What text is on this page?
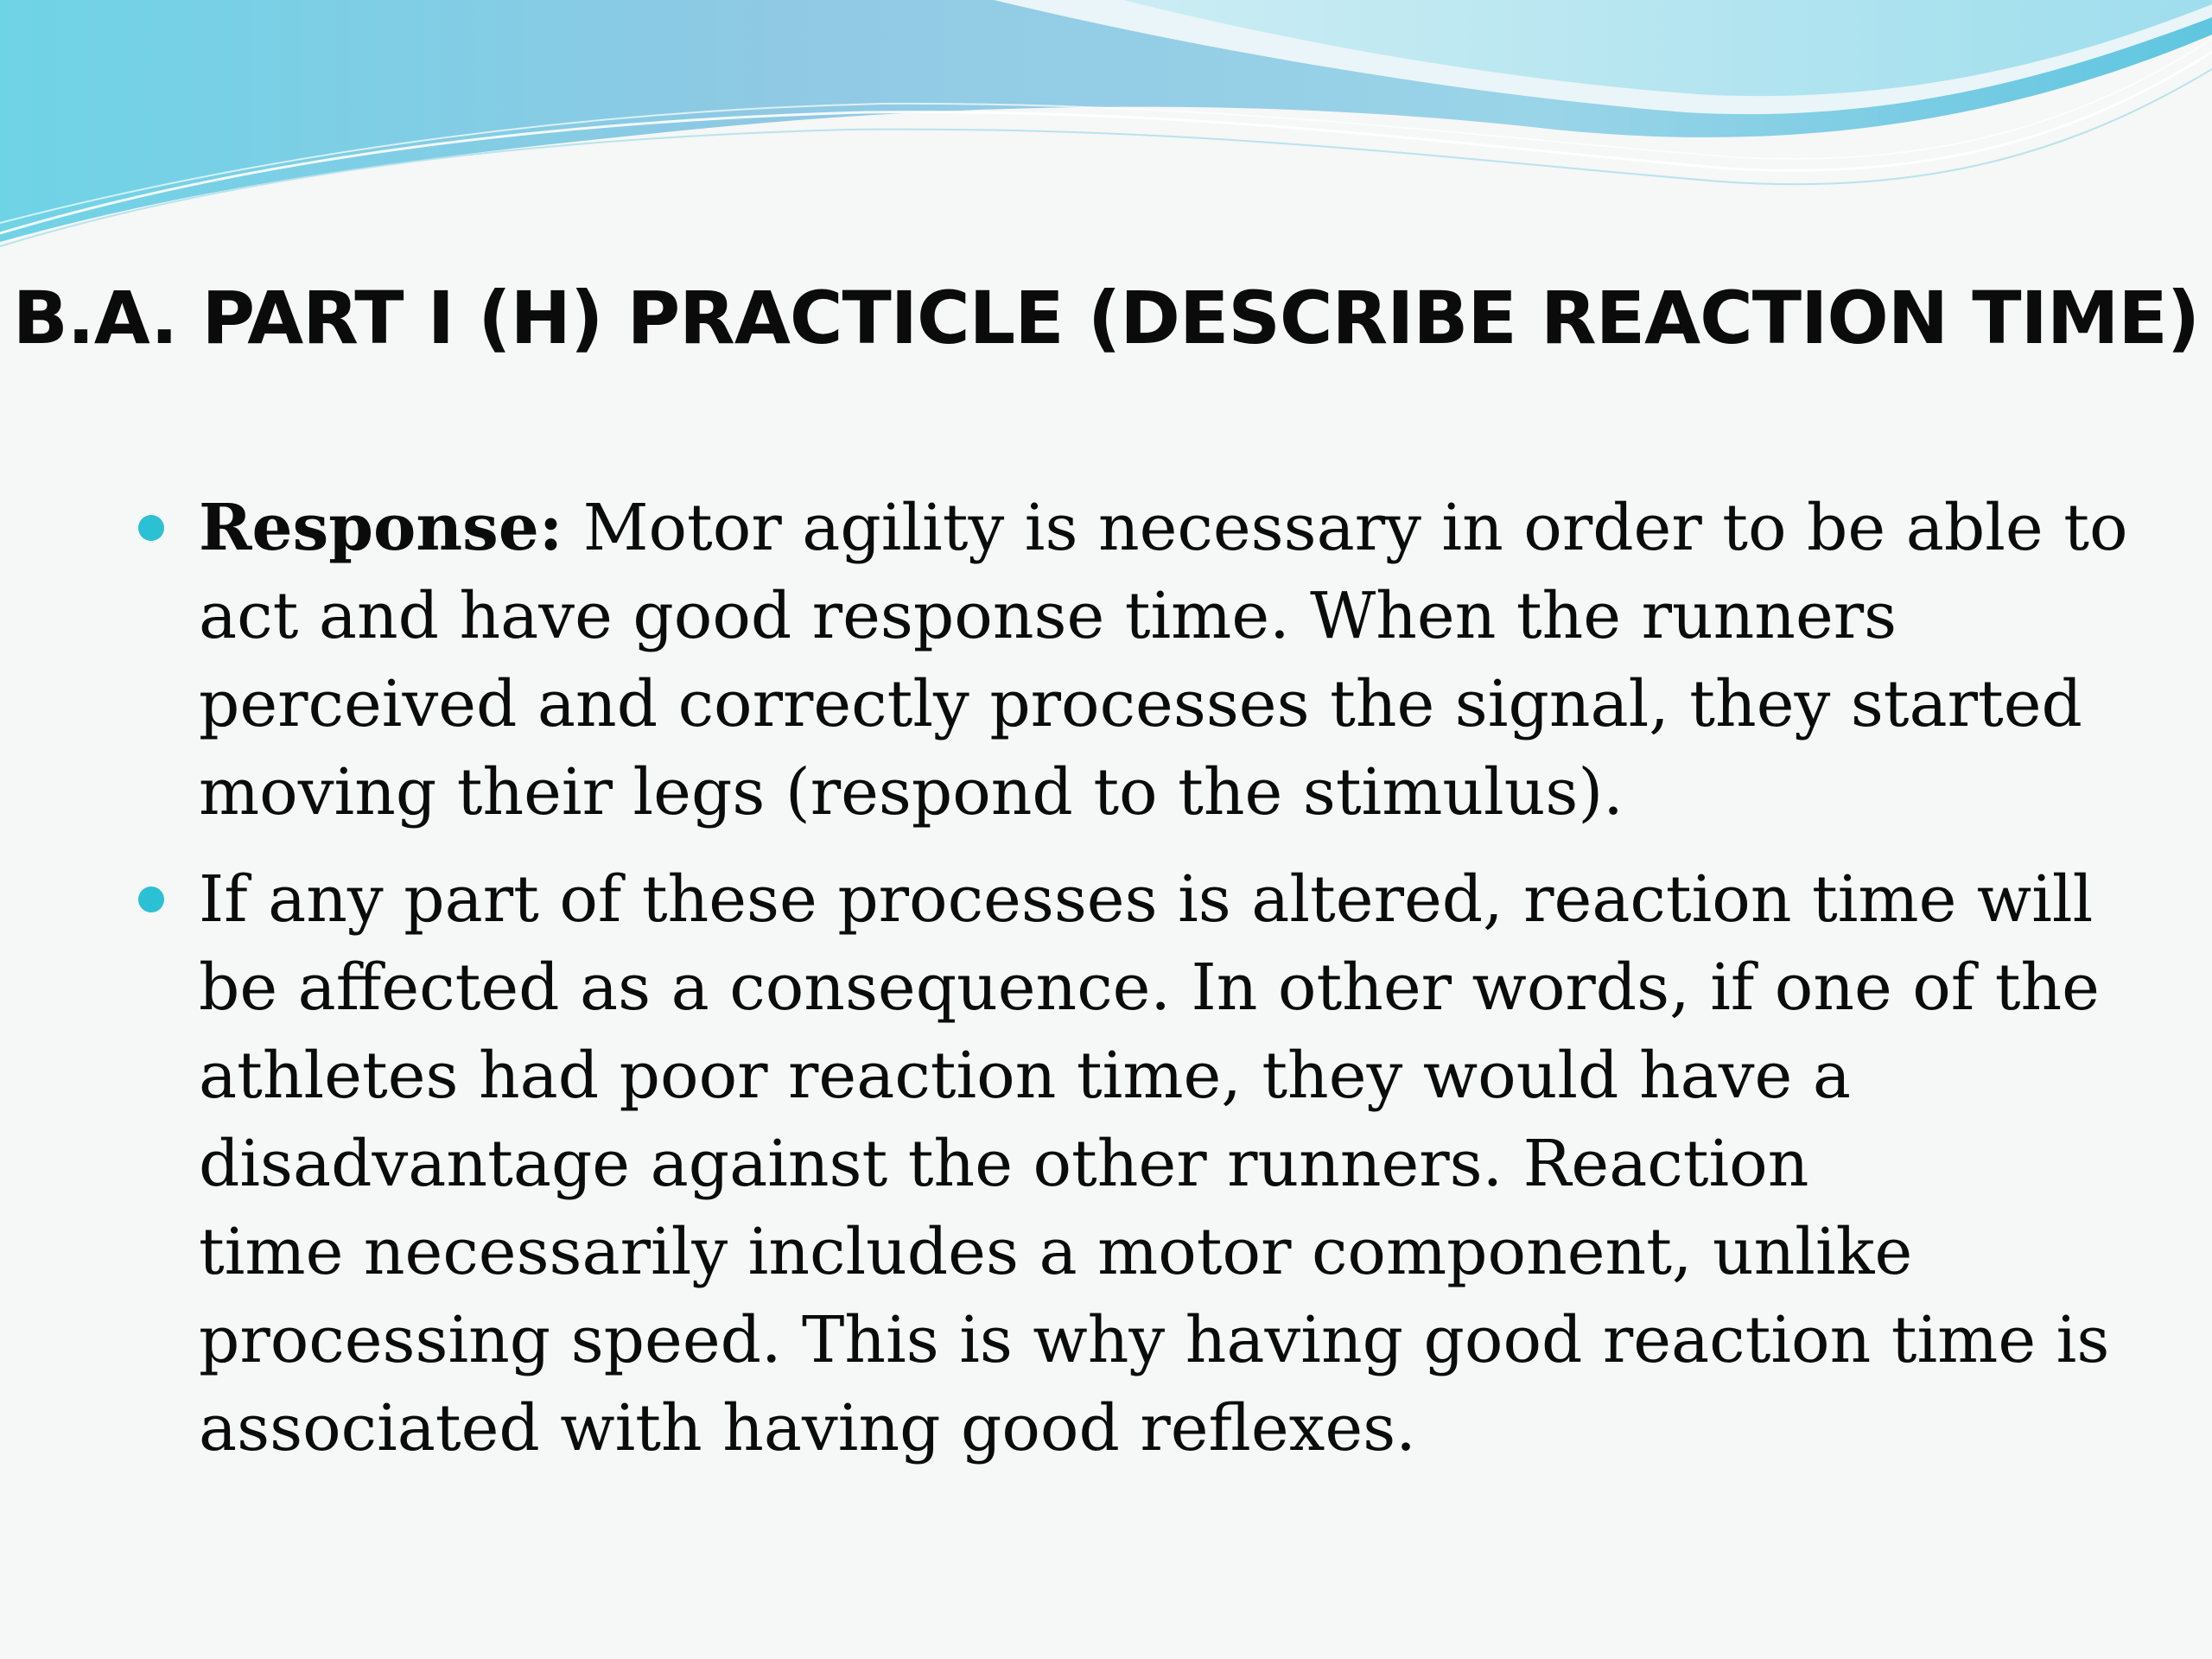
B.A. PART I (H) PRACTICLE (DESCRIBE REACTION TIME)
Response: Motor agility is necessary in order to be able to
act and have good response time. When the runners
perceived and correctly processes the signal, they started
moving their legs (respond to the stimulus).
If any part of these processes is altered, reaction time will
be affected as a consequence. In other words, if one of the
athletes had poor reaction time, they would have a
disadvantage against the other runners. Reaction
time necessarily includes a motor component, unlike
processing speed. This is why having good reaction time is
associated with having good reflexes.
